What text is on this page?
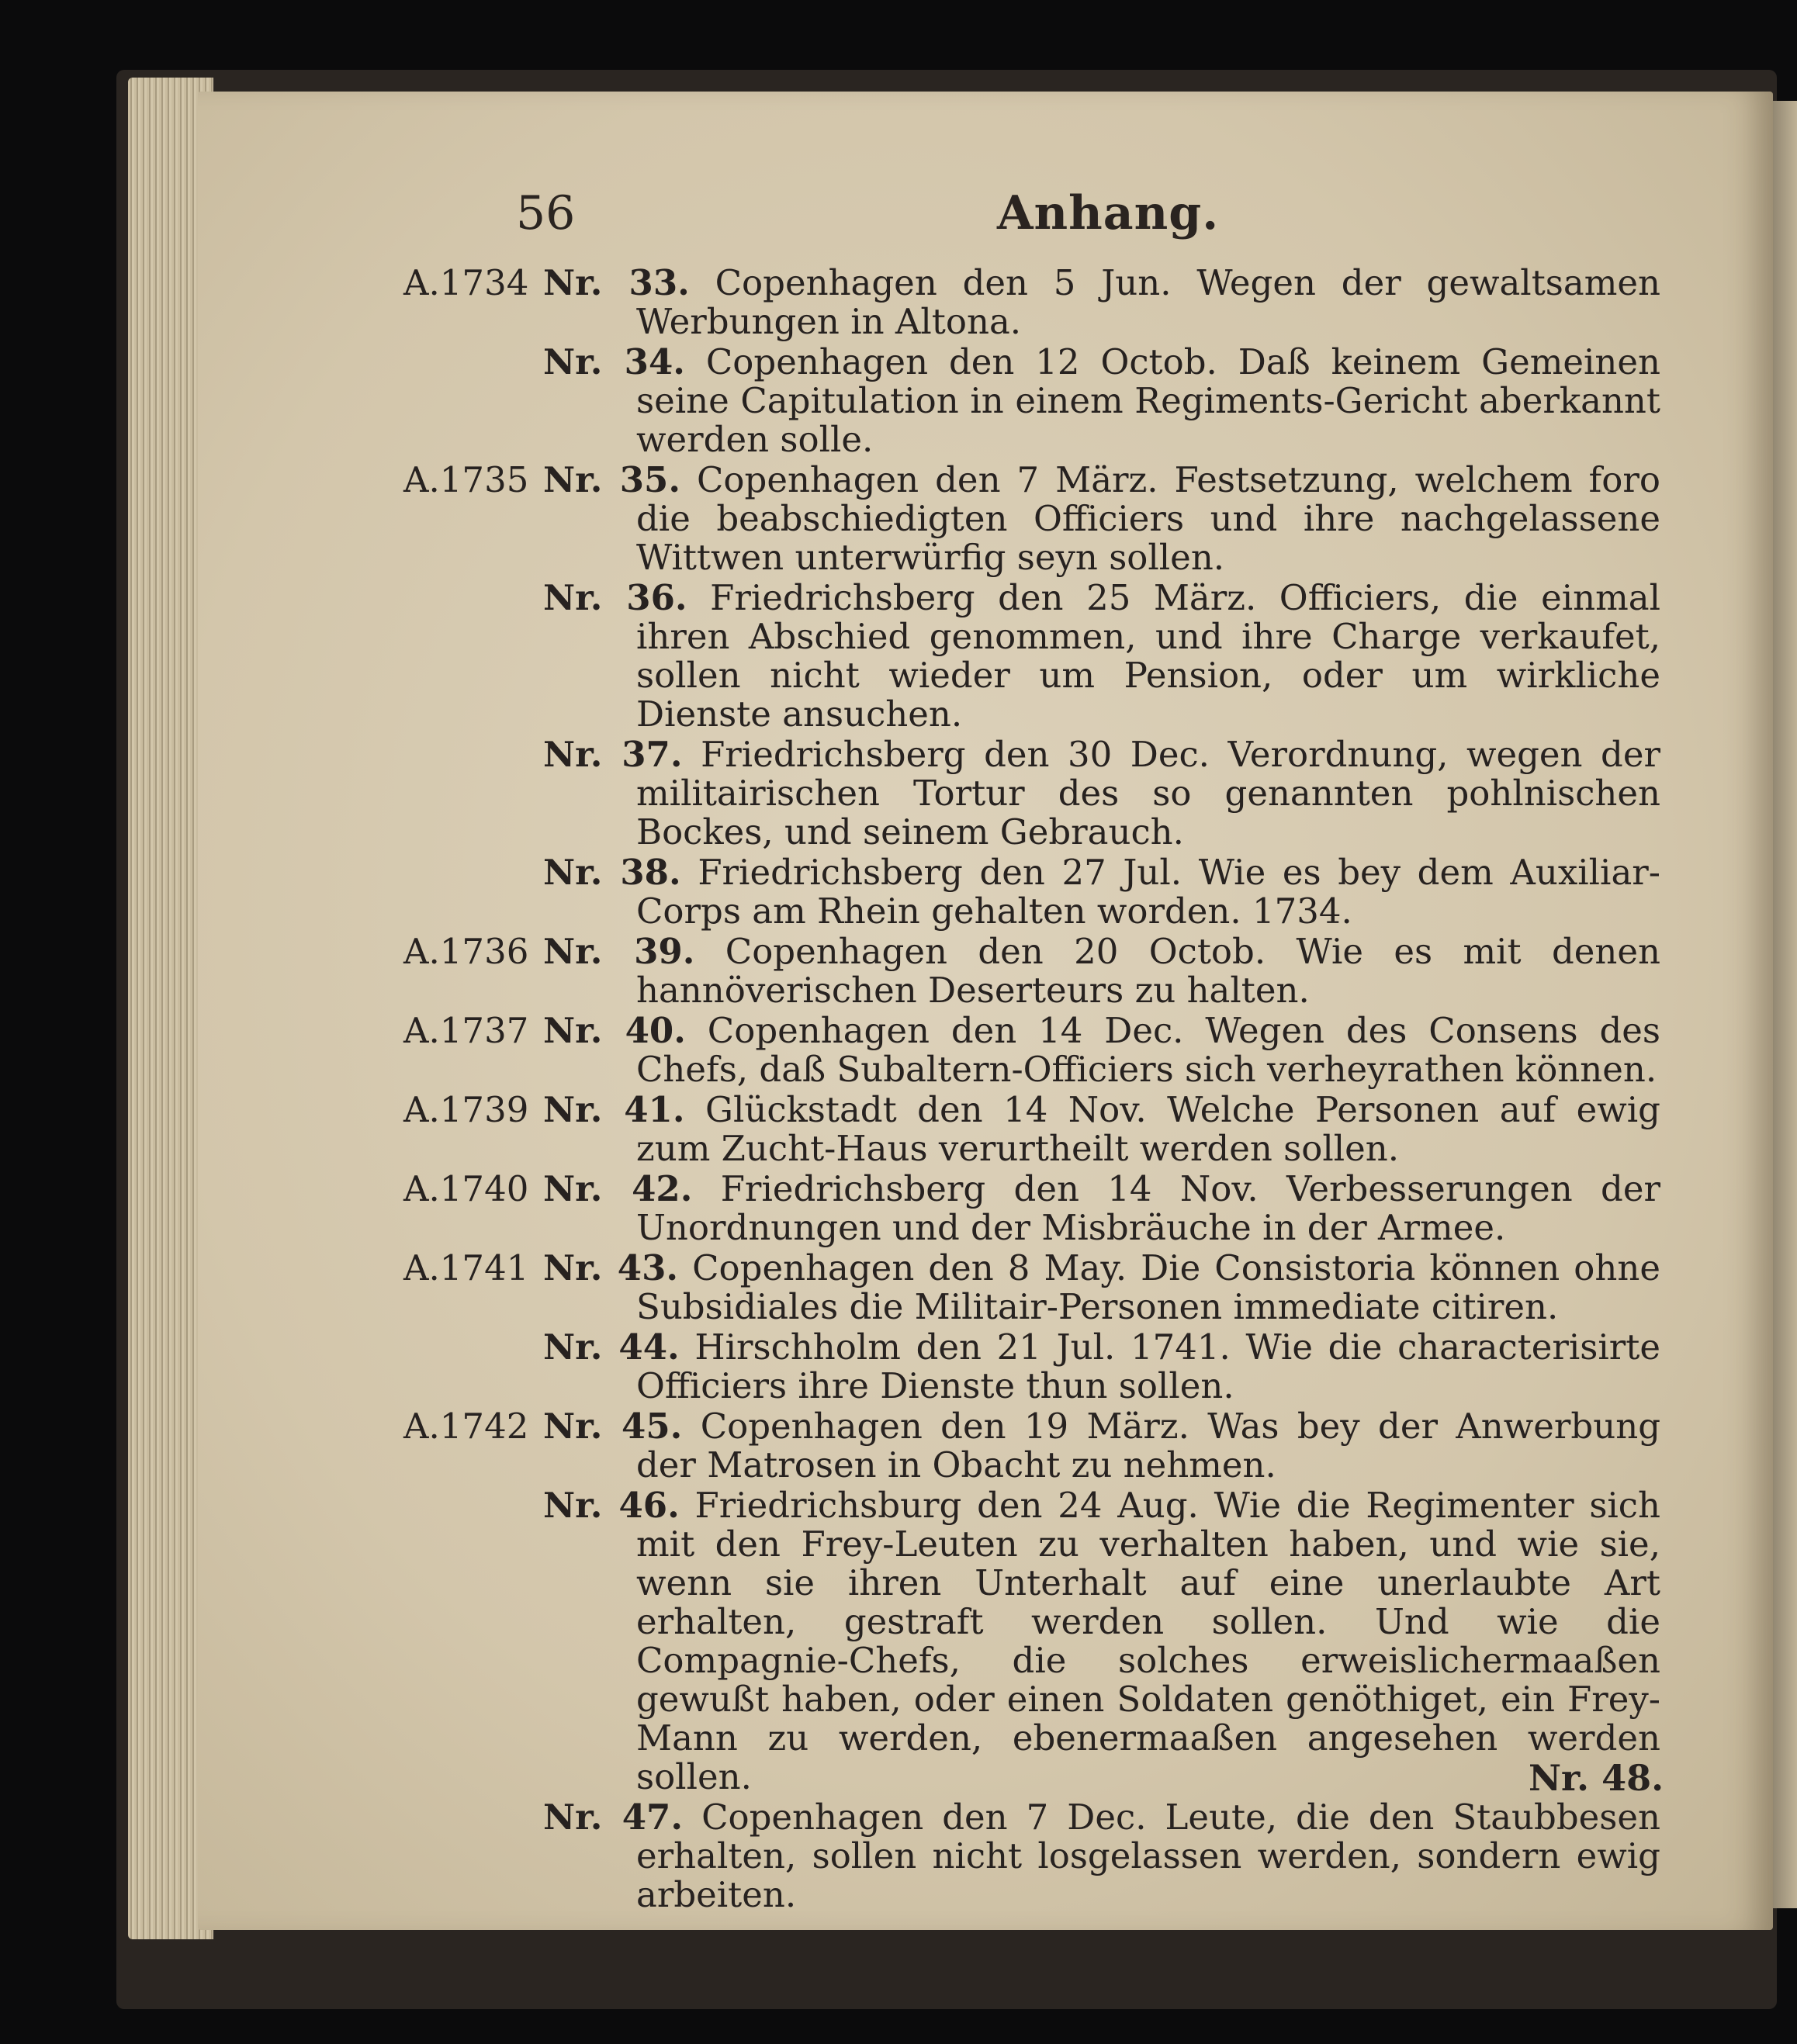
56	Anhang.
A.1734 Nr. 33. Copenhagen den 5 Jun. Wegen der gewaltsamen Werbungen in Altona.
Nr. 34. Copenhagen den 12 Octob. Daß keinem Gemeinen seine Capitulation in einem Regiments-Gericht aberkannt werden solle.
A.1735 Nr. 35. Copenhagen den 7 März. Festsetzung, welchem foro die beabschiedigten Officiers und ihre nachgelassene Wittwen unterwürfig seyn sollen.
Nr. 36. Friedrichsberg den 25 März. Officiers, die einmal ihren Abschied genommen, und ihre Charge verkaufet, sollen nicht wieder um Pension, oder um wirkliche Dienste ansuchen.
Nr. 37. Friedrichsberg den 30 Dec. Verordnung, wegen der militairischen Tortur des so genannten pohlnischen Bockes, und seinem Gebrauch.
Nr. 38. Friedrichsberg den 27 Jul. Wie es bey dem Auxiliar-Corps am Rhein gehalten worden. 1734.
A.1736 Nr. 39. Copenhagen den 20 Octob. Wie es mit denen hannöverischen Deserteurs zu halten.
A.1737 Nr. 40. Copenhagen den 14 Dec. Wegen des Consens des Chefs, daß Subaltern-Officiers sich verheyrathen können.
A.1739 Nr. 41. Glückstadt den 14 Nov. Welche Personen auf ewig zum Zucht-Haus verurtheilt werden sollen.
A.1740 Nr. 42. Friedrichsberg den 14 Nov. Verbesserungen der Unordnungen und der Misbräuche in der Armee.
A.1741 Nr. 43. Copenhagen den 8 May. Die Consistoria können ohne Subsidiales die Militair-Personen immediate citiren.
Nr. 44. Hirschholm den 21 Jul. 1741. Wie die characterisirte Officiers ihre Dienste thun sollen.
A.1742 Nr. 45. Copenhagen den 19 März. Was bey der Anwerbung der Matrosen in Obacht zu nehmen.
Nr. 46. Friedrichsburg den 24 Aug. Wie die Regimenter sich mit den Frey-Leuten zu verhalten haben, und wie sie, wenn sie ihren Unterhalt auf eine unerlaubte Art erhalten, gestraft werden sollen. Und wie die Compagnie-Chefs, die solches erweislichermaaßen gewußt haben, oder einen Soldaten genöthiget, ein Frey-Mann zu werden, ebenermaaßen angesehen werden sollen.
Nr. 47. Copenhagen den 7 Dec. Leute, die den Staubbesen erhalten, sollen nicht losgelassen werden, sondern ewig arbeiten.
Nr. 48.
